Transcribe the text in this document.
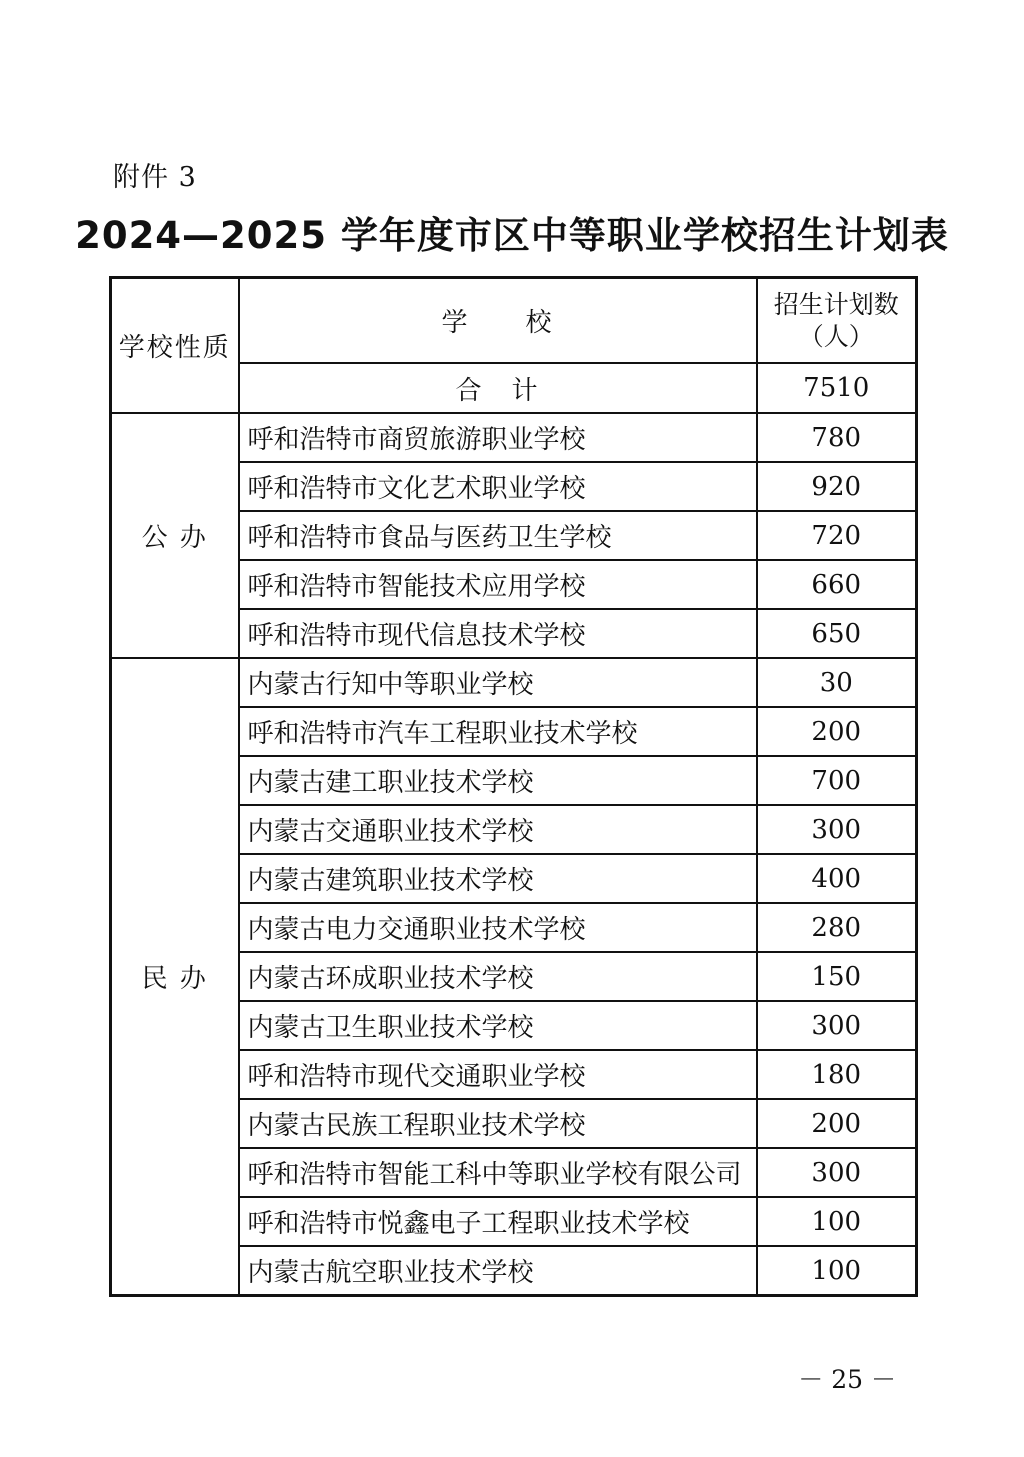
附件 3
2024—2025 学年度市区中等职业学校招生计划表
学校性质	学　　校	招生计划数
（人）

	合　计	7510
公 办	呼和浩特市商贸旅游职业学校	780
	呼和浩特市文化艺术职业学校	920
	呼和浩特市食品与医药卫生学校	720
	呼和浩特市智能技术应用学校	660
	呼和浩特市现代信息技术学校	650
民 办	内蒙古行知中等职业学校	30
	呼和浩特市汽车工程职业技术学校	200
	内蒙古建工职业技术学校	700
	内蒙古交通职业技术学校	300
	内蒙古建筑职业技术学校	400
	内蒙古电力交通职业技术学校	280
	内蒙古环成职业技术学校	150
	内蒙古卫生职业技术学校	300
	呼和浩特市现代交通职业学校	180
	内蒙古民族工程职业技术学校	200
	呼和浩特市智能工科中等职业学校有限公司	300
	呼和浩特市悦鑫电子工程职业技术学校	100
	内蒙古航空职业技术学校	100
－ 25 －
